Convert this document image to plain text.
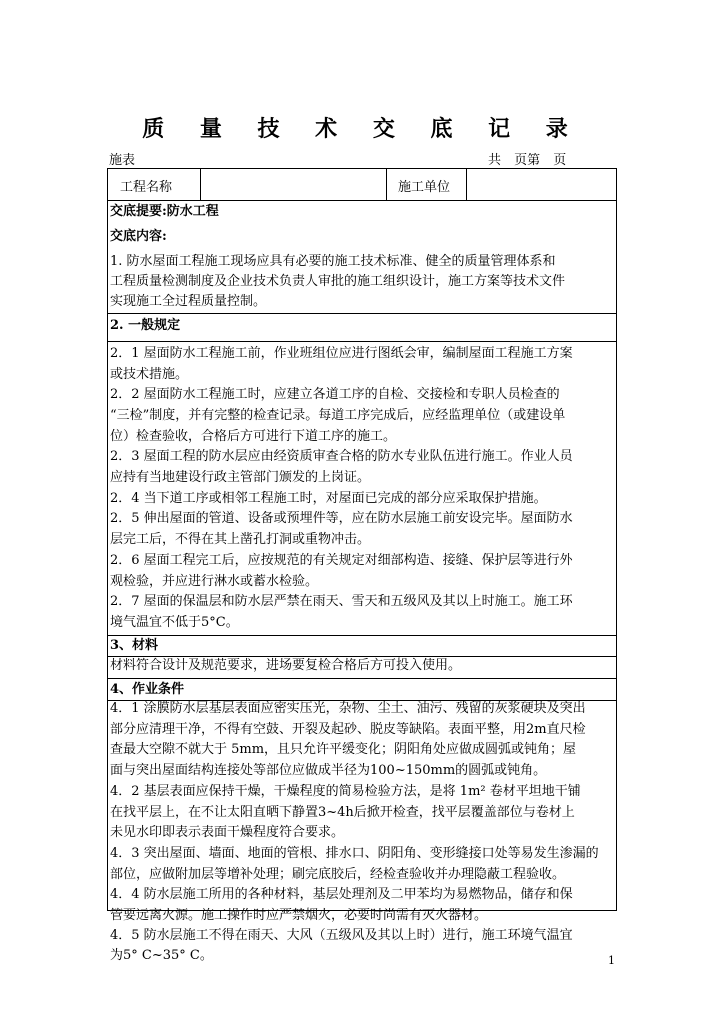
质 量 技 术 交 底 记 录
施表	共 页第 页
工程名称	施工单位
交底提要:防水工程
交底内容:
1. 防水屋面工程施工现场应具有必要的施工技术标准、健全的质量管理体系和
工程质量检测制度及企业技术负责人审批的施工组织设计，施工方案等技术文件
实现施工全过程质量控制。
2. 一般规定
2．1 屋面防水工程施工前，作业班组位应进行图纸会审，编制屋面工程施工方案
或技术措施。
2．2 屋面防水工程施工时，应建立各道工序的自检、交接检和专职人员检查的
“三检”制度，并有完整的检查记录。每道工序完成后，应经监理单位（或建设单
位）检查验收，合格后方可进行下道工序的施工。
2．3 屋面工程的防水层应由经资质审查合格的防水专业队伍进行施工。作业人员
应持有当地建设行政主管部门颁发的上岗证。
2．4 当下道工序或相邻工程施工时，对屋面已完成的部分应采取保护措施。
2．5 伸出屋面的管道、设备或预埋件等，应在防水层施工前安设完毕。屋面防水
层完工后，不得在其上凿孔打洞或重物冲击。
2．6 屋面工程完工后，应按规范的有关规定对细部构造、接缝、保护层等进行外
观检验，并应进行淋水或蓄水检验。
2．7 屋面的保温层和防水层严禁在雨天、雪天和五级风及其以上时施工。施工环
境气温宜不低于5°C。
3、材料
材料符合设计及规范要求，进场要复检合格后方可投入使用。
4、作业条件
4．1 涂膜防水层基层表面应密实压光，杂物、尘土、油污、残留的灰浆硬块及突出
部分应清理干净，不得有空鼓、开裂及起砂、脱皮等缺陷。表面平整，用2m直尺检
查最大空隙不就大于 5mm，且只允许平缓变化；阴阳角处应做成圆弧或钝角；屋
面与突出屋面结构连接处等部位应做成半径为100~150mm的圆弧或钝角。
4．2 基层表面应保持干燥，干燥程度的简易检验方法，是将 1m² 卷材平坦地干铺
在找平层上，在不让太阳直晒下静置3~4h后掀开检查，找平层覆盖部位与卷材上
未见水印即表示表面干燥程度符合要求。
4．3 突出屋面、墙面、地面的管根、排水口、阴阳角、变形缝接口处等易发生渗漏的
部位，应做附加层等增补处理；刷完底胶后，经检查验收并办理隐蔽工程验收。
4．4 防水层施工所用的各种材料，基层处理剂及二甲苯均为易燃物品，储存和保
管要远离火源。施工操作时应严禁烟火，必要时尚需有灭火器材。
4．5 防水层施工不得在雨天、大风（五级风及其以上时）进行，施工环境气温宜
为5° C~35° C。	1
